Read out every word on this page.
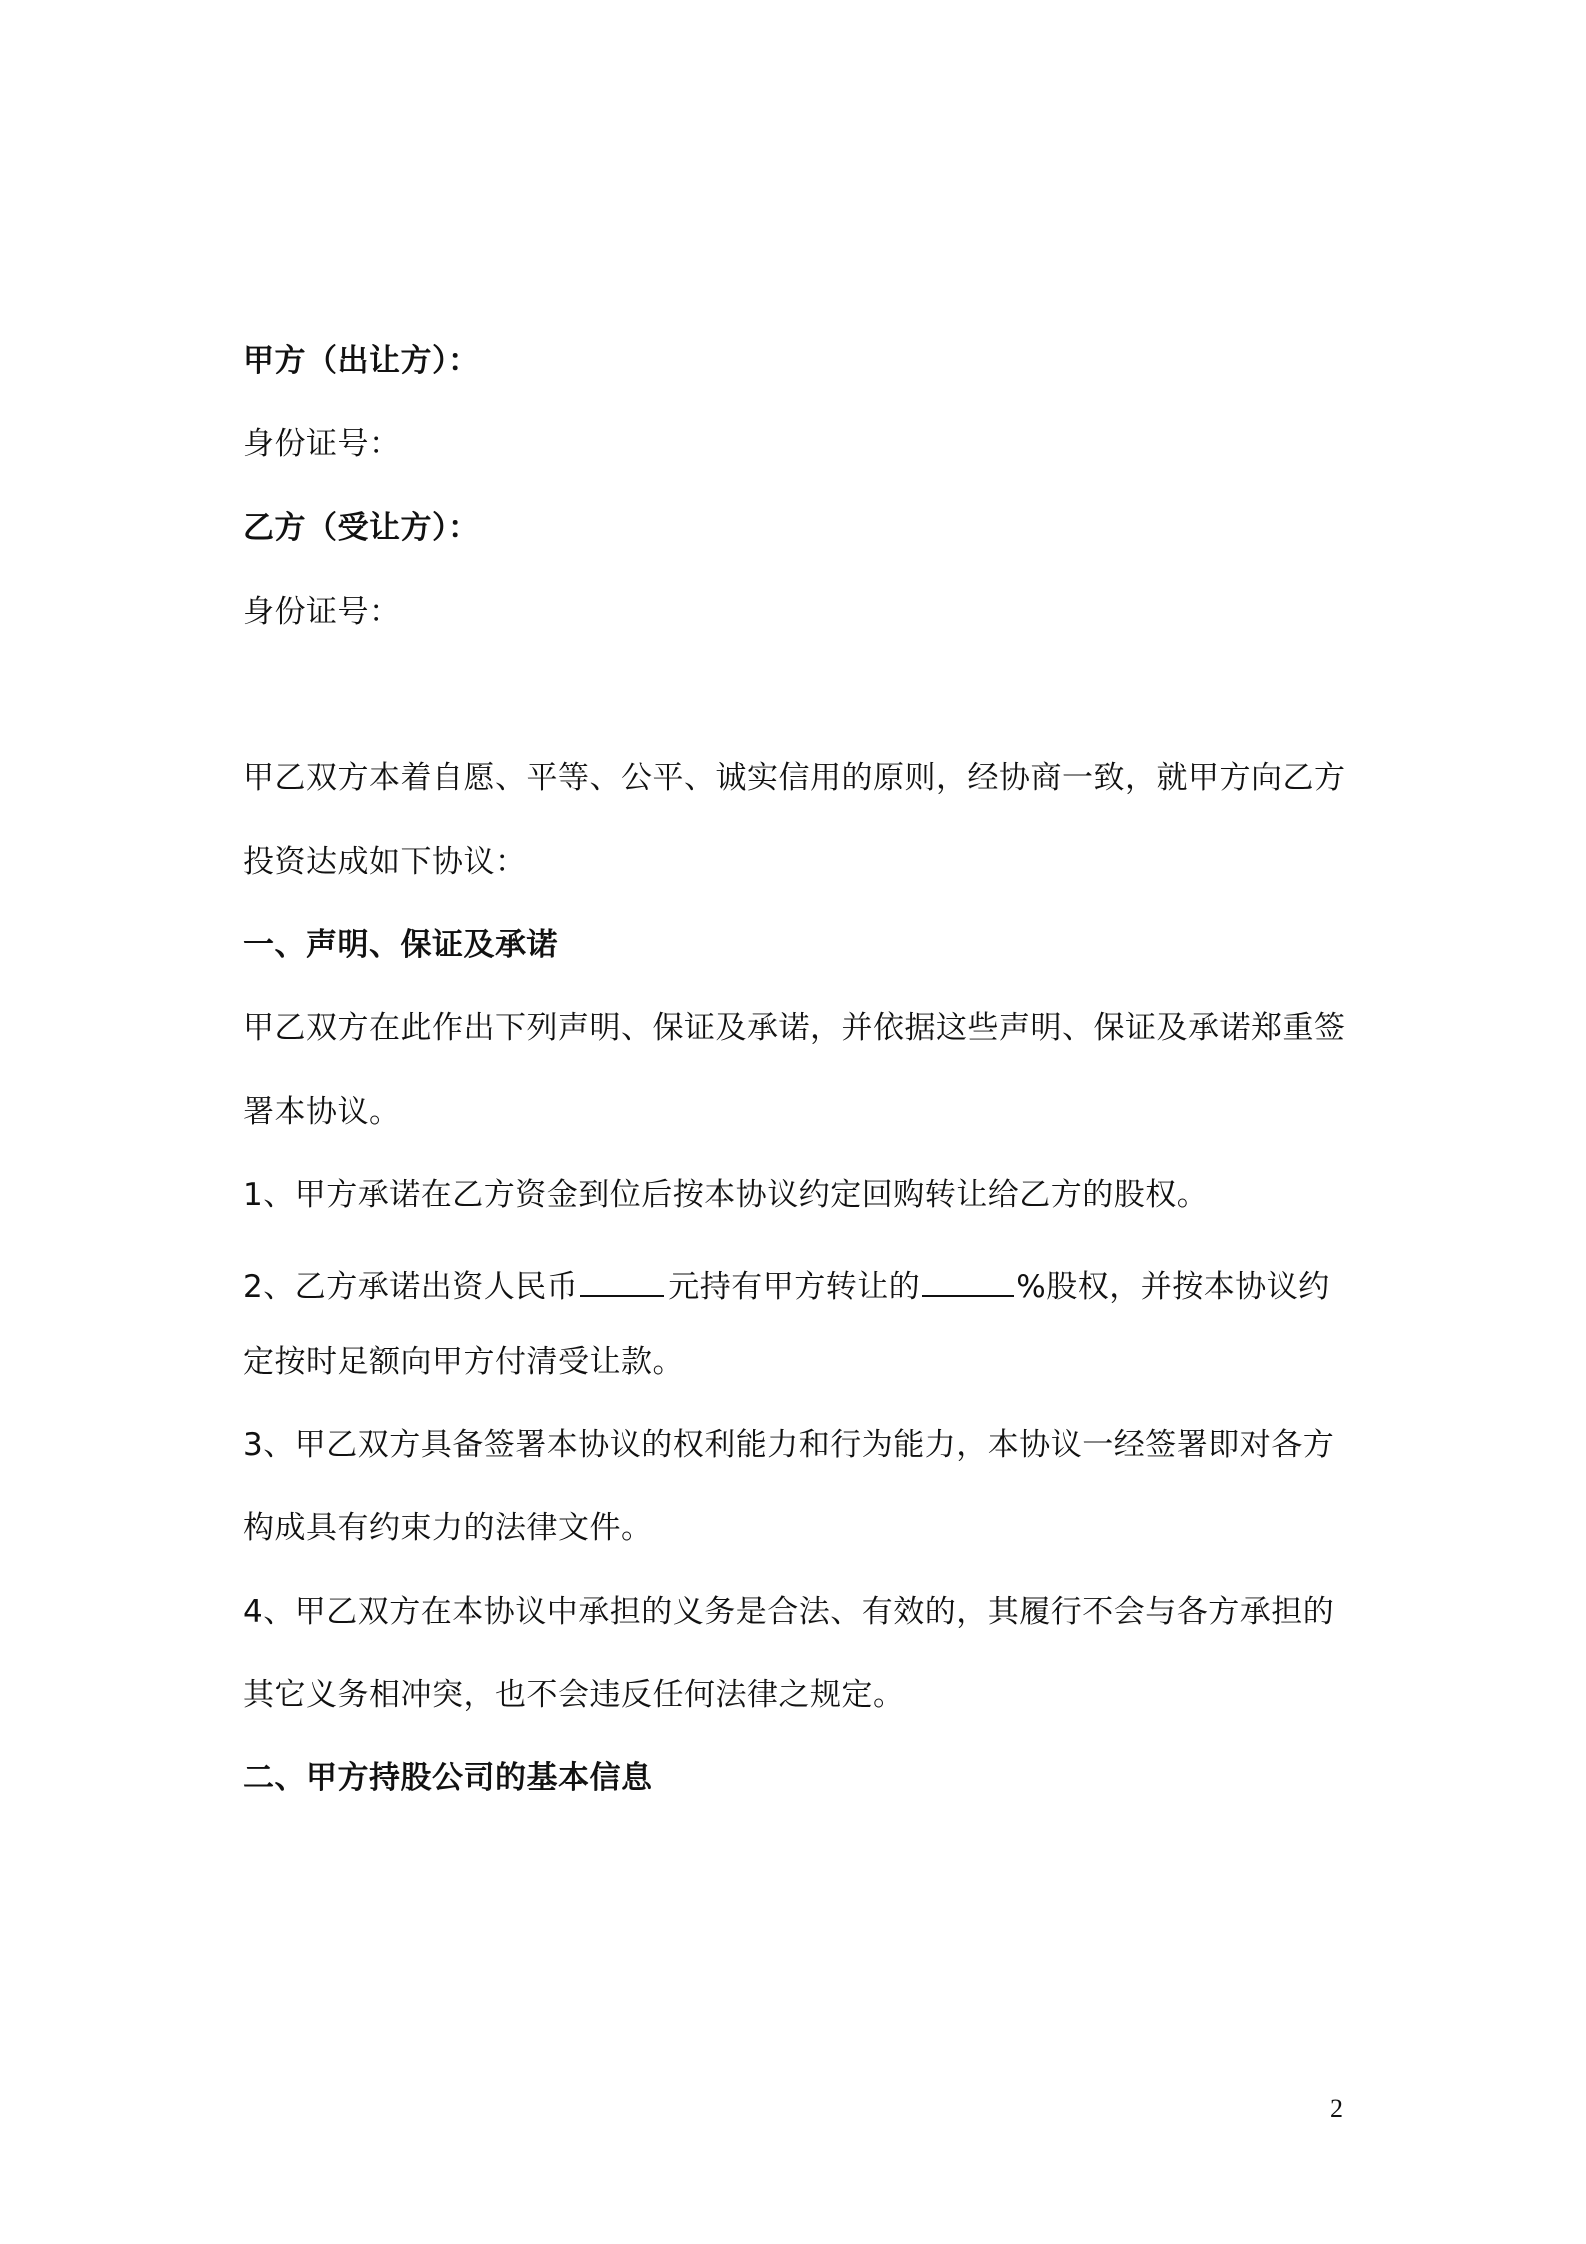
甲方（出让方）：
身份证号：
乙方（受让方）：
身份证号：
甲乙双方本着自愿、平等、公平、诚实信用的原则，经协商一致，就甲方向乙方
投资达成如下协议：
一、声明、保证及承诺
甲乙双方在此作出下列声明、保证及承诺，并依据这些声明、保证及承诺郑重签
署本协议。
1、甲方承诺在乙方资金到位后按本协议约定回购转让给乙方的股权。
2、乙方承诺出资人民币	元持有甲方转让的	%股权，并按本协议约
定按时足额向甲方付清受让款。
3、甲乙双方具备签署本协议的权利能力和行为能力，本协议一经签署即对各方
构成具有约束力的法律文件。
4、甲乙双方在本协议中承担的义务是合法、有效的，其履行不会与各方承担的
其它义务相冲突，也不会违反任何法律之规定。
二、甲方持股公司的基本信息
2
